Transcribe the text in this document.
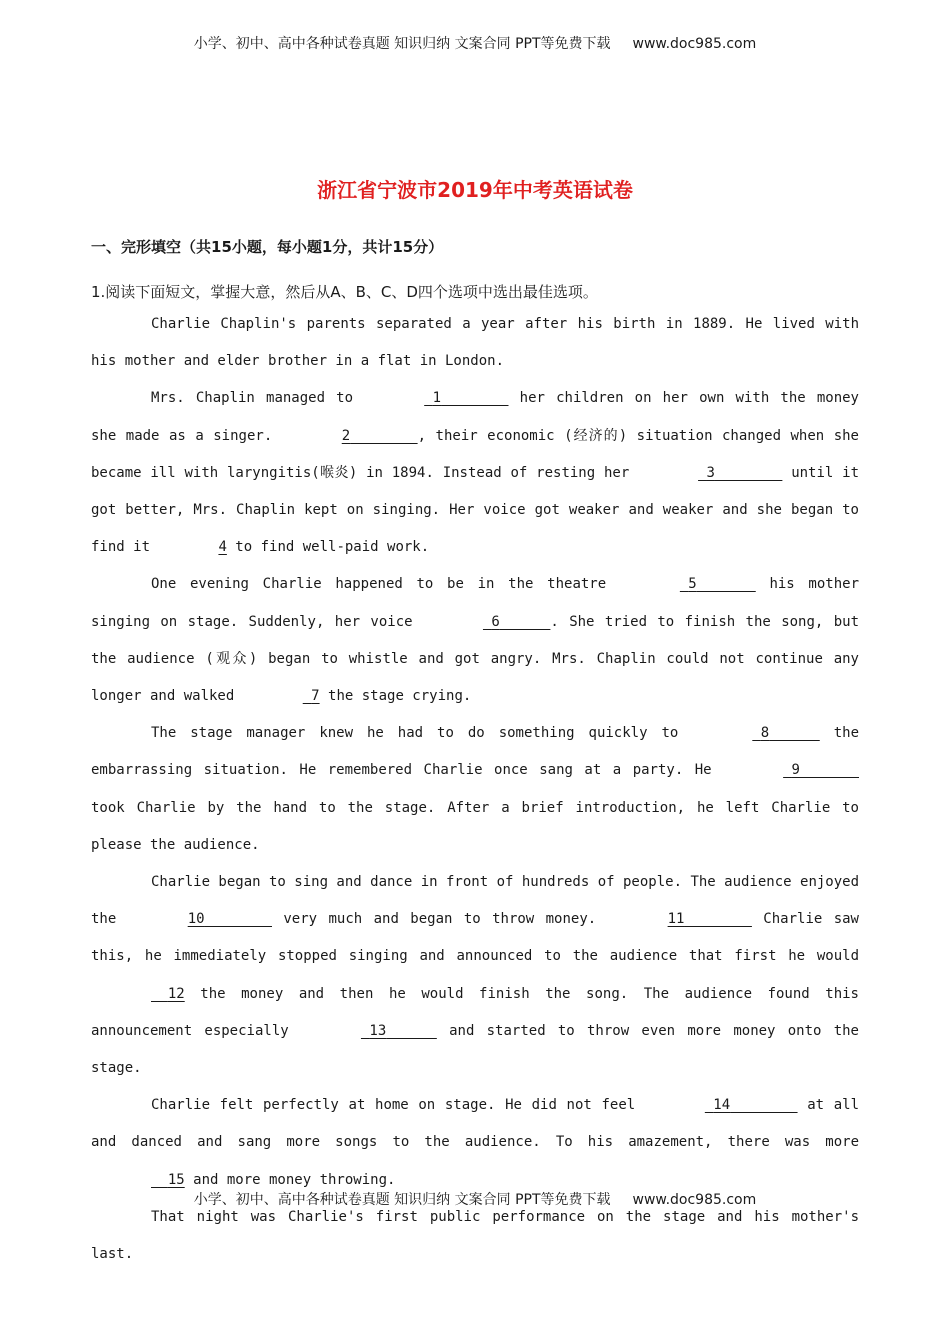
小学、初中、高中各种试卷真题 知识归纳 文案合同 PPT等免费下载 www.doc985.com
浙江省宁波市2019年中考英语试卷
一、完形填空（共15小题，每小题1分，共计15分）
1.阅读下面短文，掌握大意，然后从A、B、C、D四个选项中选出最佳选项。

Charlie Chaplin's parents separated a year after his birth in 1889. He lived with his mother and elder brother in a flat in London.

Mrs. Chaplin managed to	1	her children on her own with the money she made as a singer.	2	, their economic (经济的) situation changed when she became ill with laryngitis(喉炎) in 1894. Instead of resting her	3	until it got better, Mrs. Chaplin kept on singing. Her voice got weaker and weaker and she began to find it	4 to find well-paid work.

One evening Charlie happened to be in the theatre	5	his mother singing on stage. Suddenly, her voice	6	. She tried to finish the song, but the audience (观众) began to whistle and got angry. Mrs. Chaplin could not continue any longer and walked	7 the stage crying.

The stage manager knew he had to do something quickly to	8	the embarrassing situation. He remembered Charlie once sang at a party. He	9        took Charlie by the hand to the stage. After a brief introduction, he left Charlie to please the audience.

Charlie began to sing and dance in front of hundreds of people. The audience enjoyed the	10	very much and began to throw money.	11	Charlie saw this, he immediately stopped singing and announced to the audience that first he would   12 the money and then he would finish the song. The audience found this announcement especially	13	and started to throw even more money onto the stage.

Charlie felt perfectly at home on stage. He did not feel	14	at all and danced and sang more songs to the audience. To his amazement, there was more   15 and more money throwing.

That night was Charlie's first public performance on the stage and his mother's last.

小学、初中、高中各种试卷真题 知识归纳 文案合同 PPT等免费下载 www.doc985.com
